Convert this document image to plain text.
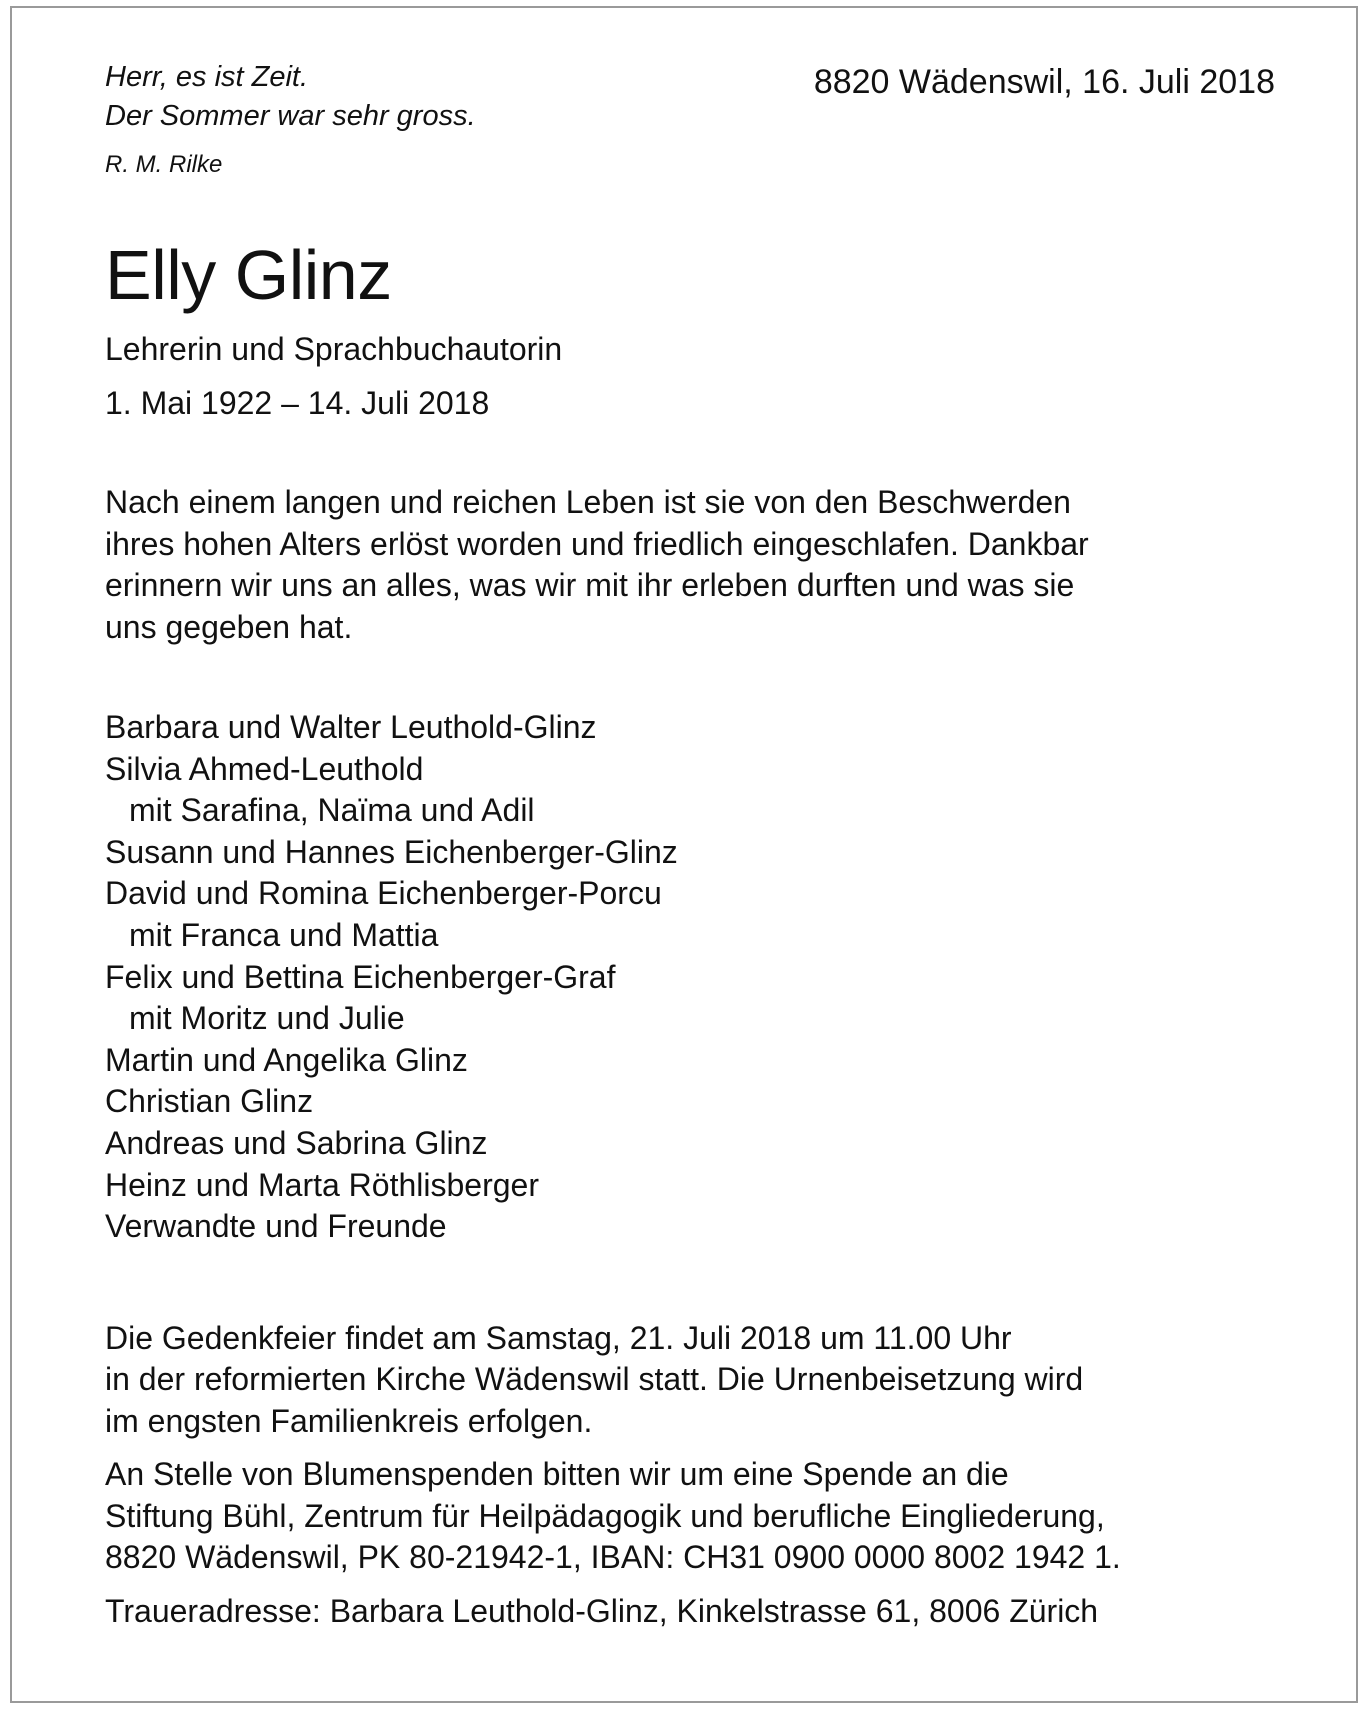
8820 Wädenswil, 16. Juli 2018
Herr, es ist Zeit.
Der Sommer war sehr gross.
R. M. Rilke
Elly Glinz
Lehrerin und Sprachbuchautorin
1. Mai 1922 – 14. Juli 2018

Nach einem langen und reichen Leben ist sie von den Beschwerden
ihres hohen Alters erlöst worden und friedlich eingeschlafen. Dankbar
erinnern wir uns an alles, was wir mit ihr erleben durften und was sie
uns gegeben hat.

Barbara und Walter Leuthold-Glinz
Silvia Ahmed-Leuthold
mit Sarafina, Naïma und Adil
Susann und Hannes Eichenberger-Glinz
David und Romina Eichenberger-Porcu
mit Franca und Mattia
Felix und Bettina Eichenberger-Graf
mit Moritz und Julie
Martin und Angelika Glinz
Christian Glinz
Andreas und Sabrina Glinz
Heinz und Marta Röthlisberger
Verwandte und Freunde

Die Gedenkfeier findet am Samstag, 21. Juli 2018 um 11.00 Uhr
in der reformierten Kirche Wädenswil statt. Die Urnenbeisetzung wird
im engsten Familienkreis erfolgen.

An Stelle von Blumenspenden bitten wir um eine Spende an die
Stiftung Bühl, Zentrum für Heilpädagogik und berufliche Eingliederung,
8820 Wädenswil, PK 80-21942-1, IBAN: CH31 0900 0000 8002 1942 1.

Traueradresse: Barbara Leuthold-Glinz, Kinkelstrasse 61, 8006 Zürich
